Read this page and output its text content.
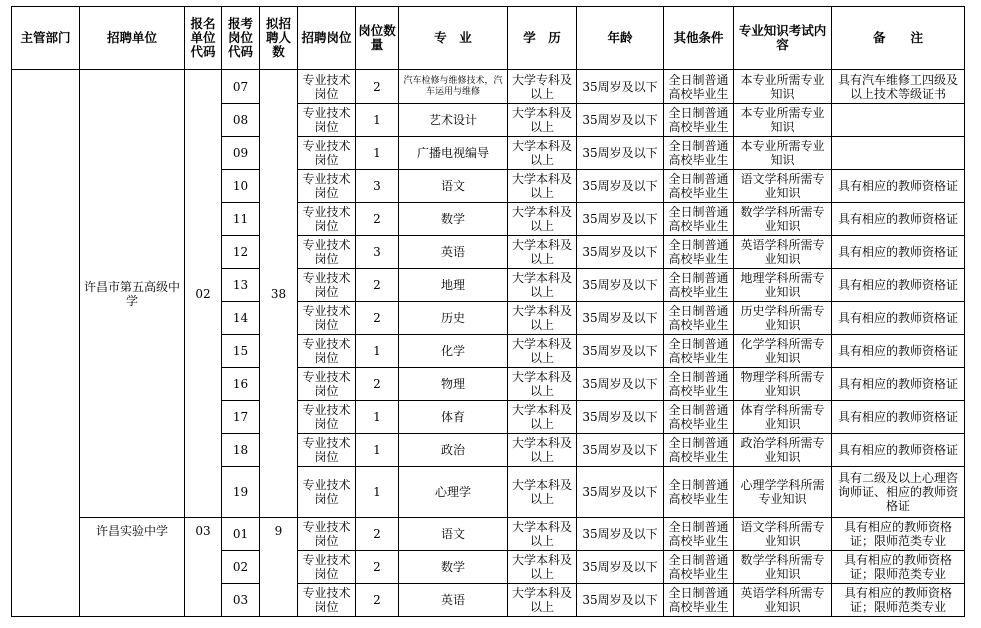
主管部门	招聘单位	报名单位代码	报考岗位代码	拟招聘人数	招聘岗位	岗位数量	专　业	学　历	年龄	其他条件	专业知识考试内容	备　　注
	许昌市第五高级中学	02	07	38	专业技术岗位	2	汽车检修与维修技术，汽车运用与维修	大学专科及以上	35周岁及以下	全日制普通高校毕业生	本专业所需专业知识	具有汽车维修工四级及以上技术等级证书
			08		专业技术岗位	1	艺术设计	大学本科及以上	35周岁及以下	全日制普通高校毕业生	本专业所需专业知识	
			09		专业技术岗位	1	广播电视编导	大学本科及以上	35周岁及以下	全日制普通高校毕业生	本专业所需专业知识	
			10		专业技术岗位	3	语文	大学本科及以上	35周岁及以下	全日制普通高校毕业生	语文学科所需专业知识	具有相应的教师资格证
			11		专业技术岗位	2	数学	大学本科及以上	35周岁及以下	全日制普通高校毕业生	数学学科所需专业知识	具有相应的教师资格证
			12		专业技术岗位	3	英语	大学本科及以上	35周岁及以下	全日制普通高校毕业生	英语学科所需专业知识	具有相应的教师资格证
			13		专业技术岗位	2	地理	大学本科及以上	35周岁及以下	全日制普通高校毕业生	地理学科所需专业知识	具有相应的教师资格证
			14		专业技术岗位	2	历史	大学本科及以上	35周岁及以下	全日制普通高校毕业生	历史学科所需专业知识	具有相应的教师资格证
			15		专业技术岗位	1	化学	大学本科及以上	35周岁及以下	全日制普通高校毕业生	化学学科所需专业知识	具有相应的教师资格证
			16		专业技术岗位	2	物理	大学本科及以上	35周岁及以下	全日制普通高校毕业生	物理学科所需专业知识	具有相应的教师资格证
			17		专业技术岗位	1	体育	大学本科及以上	35周岁及以下	全日制普通高校毕业生	体育学科所需专业知识	具有相应的教师资格证
			18		专业技术岗位	1	政治	大学本科及以上	35周岁及以下	全日制普通高校毕业生	政治学科所需专业知识	具有相应的教师资格证
			19		专业技术岗位	1	心理学	大学本科及以上	35周岁及以下	全日制普通高校毕业生	心理学学科所需专业知识	具有二级及以上心理咨询师证、相应的教师资格证
	许昌实验中学	03	01	9	专业技术岗位	2	语文	大学本科及以上	35周岁及以下	全日制普通高校毕业生	语文学科所需专业知识	具有相应的教师资格证；限师范类专业
			02		专业技术岗位	2	数学	大学本科及以上	35周岁及以下	全日制普通高校毕业生	数学学科所需专业知识	具有相应的教师资格证；限师范类专业
			03		专业技术岗位	2	英语	大学本科及以上	35周岁及以下	全日制普通高校毕业生	英语学科所需专业知识	具有相应的教师资格证；限师范类专业
